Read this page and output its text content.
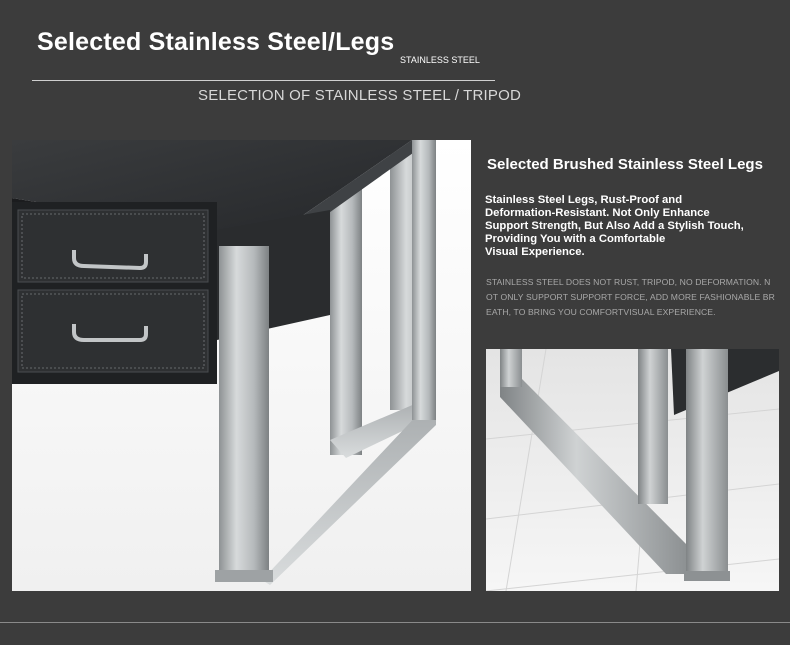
Selected Stainless Steel/Legs
STAINLESS STEEL
SELECTION OF STAINLESS STEEL / TRIPOD
Selected Brushed Stainless Steel Legs
Stainless Steel Legs, Rust-Proof and Deformation-Resistant. Not Only Enhance Support Strength, But Also Add a Stylish Touch, Providing You with a Comfortable
Visual Experience.
STAINLESS STEEL DOES NOT RUST, TRIPOD, NO DEFORMATION. NOT ONLY SUPPORT SUPPORT FORCE, ADD MORE FASHIONABLE BREATH, TO BRING YOU COMFORTVISUAL EXPERIENCE.
